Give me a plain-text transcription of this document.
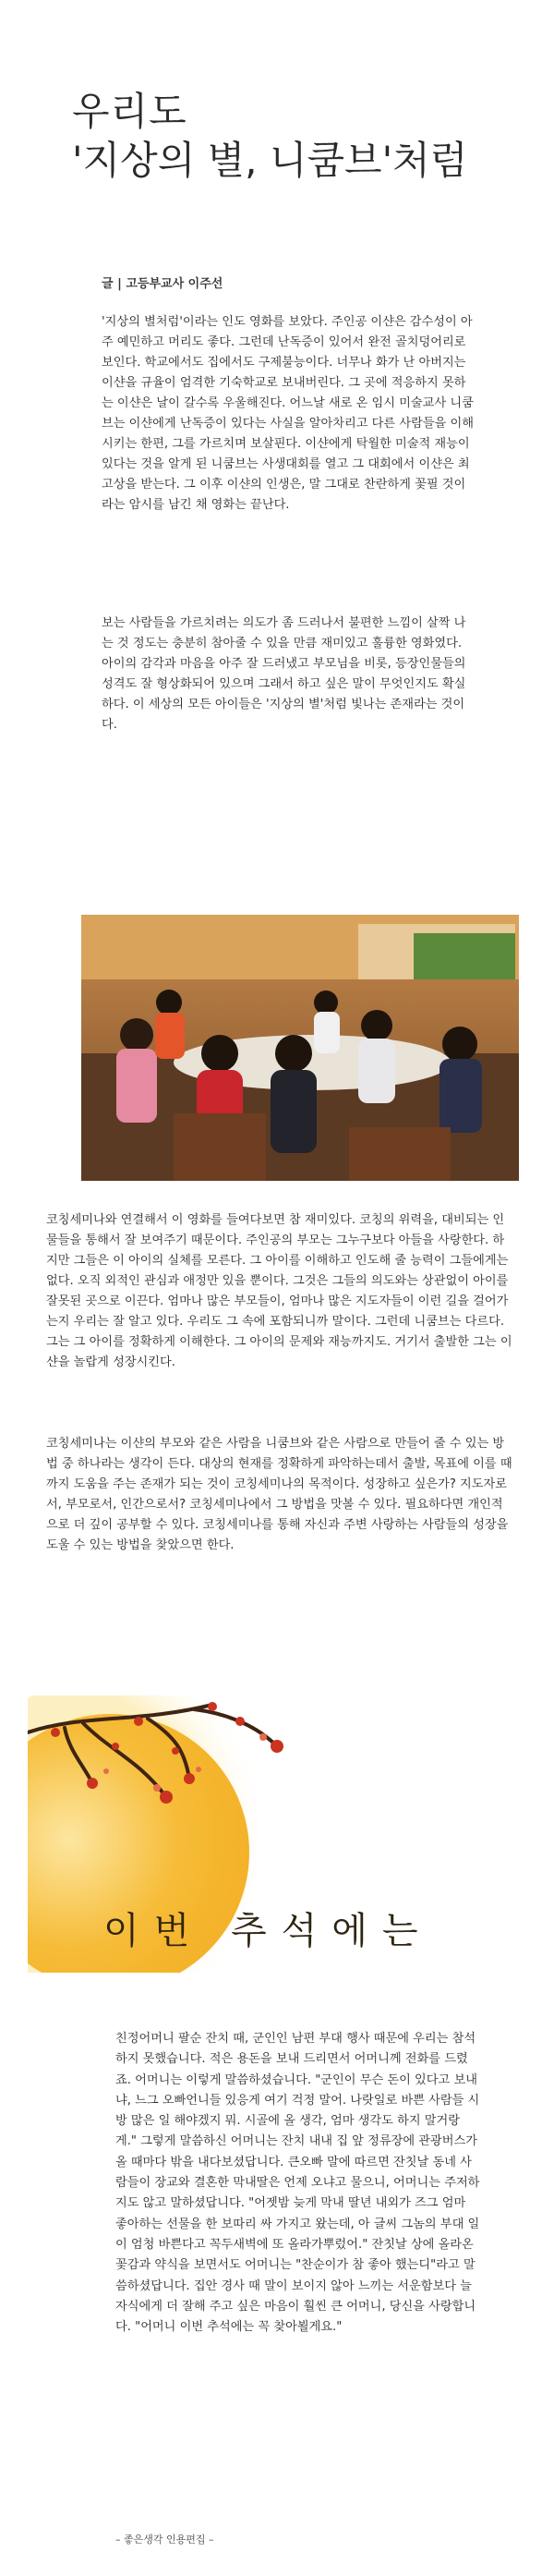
우리도
'지상의 별, 니쿰브'처럼
글 | 고등부교사 이주선

'지상의 별처럼'이라는 인도 영화를 보았다. 주인공 이샨은 감수성이 아주 예민하고 머리도 좋다. 그런데 난독증이 있어서 완전 골치덩어리로 보인다. 학교에서도 집에서도 구제불능이다. 너무나 화가 난 아버지는 이샨을 규율이 엄격한 기숙학교로 보내버린다. 그 곳에 적응하지 못하는 이샨은 날이 갈수록 우울해진다. 어느날 새로 온 임시 미술교사 니쿰브는 이샨에게 난독증이 있다는 사실을 알아차리고 다른 사람들을 이해시키는 한편, 그를 가르치며 보살핀다. 이샨에게 탁월한 미술적 재능이 있다는 것을 알게 된 니쿰브는 사생대회를 열고 그 대회에서 이샨은 최고상을 받는다. 그 이후 이샨의 인생은, 말 그대로 찬란하게 꽃필 것이라는 암시를 남긴 채 영화는 끝난다.

보는 사람들을 가르치려는 의도가 좀 드러나서 불편한 느낌이 살짝 나는 것 정도는 충분히 참아줄 수 있을 만큼 재미있고 훌륭한 영화였다. 아이의 감각과 마음을 아주 잘 드러냈고 부모님을 비롯, 등장인물들의 성격도 잘 형상화되어 있으며 그래서 하고 싶은 말이 무엇인지도 확실하다. 이 세상의 모든 아이들은 '지상의 별'처럼 빛나는 존재라는 것이다.

코칭세미나와 연결해서 이 영화를 들여다보면 참 재미있다. 코칭의 위력을, 대비되는 인물들을 통해서 잘 보여주기 때문이다. 주인공의 부모는 그누구보다 아들을 사랑한다. 하지만 그들은 이 아이의 실체를 모른다. 그 아이를 이해하고 인도해 줄 능력이 그들에게는 없다. 오직 외적인 관심과 애정만 있을 뿐이다. 그것은 그들의 의도와는 상관없이 아이를 잘못된 곳으로 이끈다. 엄마나 많은 부모들이, 엄마나 많은 지도자들이 이런 길을 걸어가는지 우리는 잘 알고 있다. 우리도 그 속에 포함되니까 말이다. 그런데 니쿰브는 다르다. 그는 그 아이를 정확하게 이해한다. 그 아이의 문제와 재능까지도. 거기서 출발한 그는 이샨을 놀랍게 성장시킨다.

코칭세미나는 이샨의 부모와 같은 사람을 니쿰브와 같은 사람으로 만들어 줄 수 있는 방법 중 하나라는 생각이 든다. 대상의 현재를 정확하게 파악하는데서 출발, 목표에 이를 때까지 도움을 주는 존재가 되는 것이 코칭세미나의 목적이다. 성장하고 싶은가? 지도자로서, 부모로서, 인간으로서? 코칭세미나에서 그 방법을 맛볼 수 있다. 필요하다면 개인적으로 더 깊이 공부할 수 있다. 코칭세미나를 통해 자신과 주변 사랑하는 사람들의 성장을 도울 수 있는 방법을 찾았으면 한다.

이번 추석에는

친정어머니 팔순 잔치 때, 군인인 남편 부대 행사 때문에 우리는 참석하지 못했습니다. 적은 용돈을 보내 드리면서 어머니께 전화를 드렸죠. 어머니는 이렇게 말씀하셨습니다. "군인이 무슨 돈이 있다고 보내냐, 느그 오빠언니들 있응게 여기 걱정 말어. 나랏일로 바쁜 사람들 시방 많은 일 해야겠지 뭐. 시골에 올 생각, 엄마 생각도 하지 말거랑게." 그렇게 말씀하신 어머니는 잔치 내내 집 앞 정류장에 관광버스가 올 때마다 밖을 내다보셨답니다. 큰오빠 말에 따르면 잔칫날 동네 사람들이 장교와 결혼한 막내딸은 언제 오냐고 물으니, 어머니는 주저하지도 않고 말하셨답니다. "어젯밤 늦게 막내 딸년 내외가 즈그 엄마 좋아하는 선물을 한 보따리 싸 가지고 왔는데, 아 글씨 그놈의 부대 일이 엄청 바쁜다고 꼭두새벽에 또 올라가뿌렀어." 잔칫날 상에 올라온 꽃감과 약식을 보면서도 어머니는 "찬순이가 참 좋아 했는디"라고 말씀하셨답니다. 집안 경사 때 말이 보이지 않아 느끼는 서운함보다 늘 자식에게 더 잘해 주고 싶은 마음이 훨씬 큰 어머니, 당신을 사랑합니다. "어머니 이번 추석에는 꼭 찾아뵐게요."

– 좋은생각 인용편집 –
